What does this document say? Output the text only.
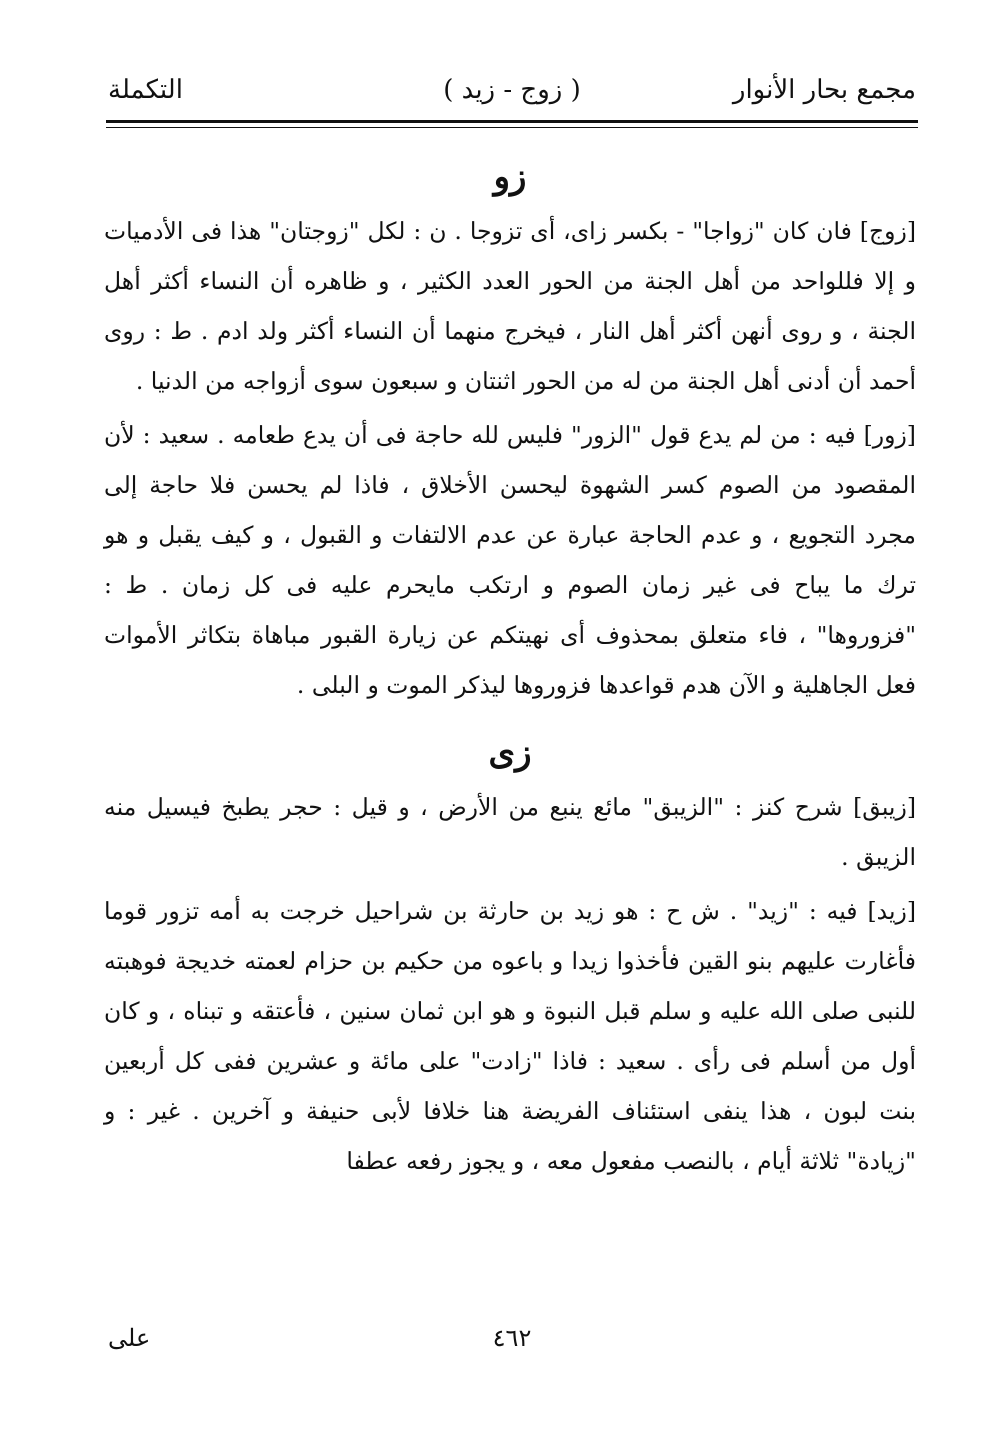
مجمع بحار الأنوار
( زوج - زيد )
التكملة
زو

[زوج] فان كان "زواجا" - بكسر زاى، أى تزوجا . ن : لكل "زوجتان" هذا فى الأدميات و إلا فللواحد من أهل الجنة من الحور العدد الكثير ، و ظاهره أن النساء أكثر أهل الجنة ، و روى أنهن أكثر أهل النار ، فيخرج منهما أن النساء أكثر ولد ادم . ط : روى أحمد أن أدنى أهل الجنة من له من الحور اثنتان و سبعون سوى أزواجه من الدنيا .

[زور] فيه : من لم يدع قول "الزور" فليس لله حاجة فى أن يدع طعامه . سعيد : لأن المقصود من الصوم كسر الشهوة ليحسن الأخلاق ، فاذا لم يحسن فلا حاجة إلى مجرد التجويع ، و عدم الحاجة عبارة عن عدم الالتفات و القبول ، و كيف يقبل و هو ترك ما يباح فى غير زمان الصوم و ارتكب مايحرم عليه فى كل زمان . ط : "فزوروها" ، فاء متعلق بمحذوف أى نهيتكم عن زيارة القبور مباهاة بتكاثر الأموات فعل الجاهلية و الآن هدم قواعدها فزوروها ليذكر الموت و البلى .

زى

[زيبق] شرح كنز : "الزيبق" مائع ينبع من الأرض ، و قيل : حجر يطبخ فيسيل منه الزيبق .

[زيد] فيه : "زيد" . ش ح : هو زيد بن حارثة بن شراحيل خرجت به أمه تزور قوما فأغارت عليهم بنو القين فأخذوا زيدا و باعوه من حكيم بن حزام لعمته خديجة فوهبته للنبى صلى الله عليه و سلم قبل النبوة و هو ابن ثمان سنين ، فأعتقه و تبناه ، و كان أول من أسلم فى رأى . سعيد : فاذا "زادت" على مائة و عشرين ففى كل أربعين بنت لبون ، هذا ينفى استئناف الفريضة هنا خلافا لأبى حنيفة و آخرين . غير : و "زيادة" ثلاثة أيام ، بالنصب مفعول معه ، و يجوز رفعه عطفا

٤٦٢
على
